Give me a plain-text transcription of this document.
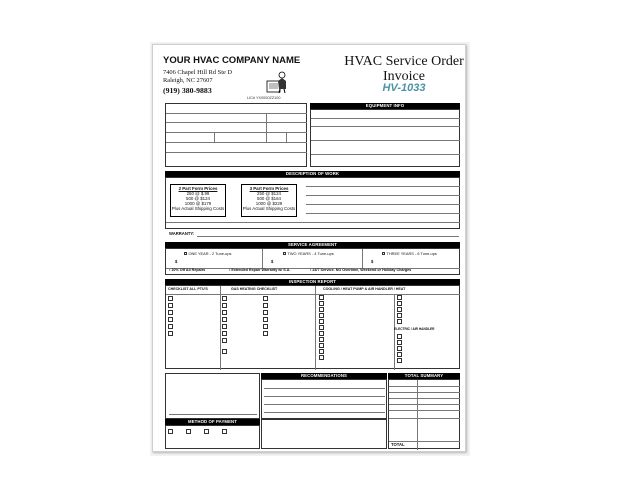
YOUR HVAC COMPANY NAME
7406 Chapel Hill Rd Ste D
Raleigh, NC 27607
(919) 380-9883
LIC# YX0000ZZ100
HVAC Service Order
Invoice
HV-1033
EQUIPMENT INFO
DESCRIPTION OF WORK
2 Part Form Prices
250 @ $.99
500 @ $124
1000 @ $179
Plus Actual Shipping Costs
3 Part Form Prices
250 @ $124
500 @ $164
1000 @ $229
Plus Actual Shipping Costs
WARRANTY:
SERVICE AGREEMENT
ONE YEAR - 2 Tune-ups	TWO YEARS - 4 Tune-ups	THREE YEARS - 6 Tune-ups
$	$	$
• 10% Off All Repairs	• Extended Repair Warranty w/ S.A.	• 24/7 Service. NO Overtime, Weekend or Holiday Charges
INSPECTION REPORT
CHECKLIST ALL PTU'S	GAS HEATING CHECKLIST	COOLING / HEAT PUMP & AIR HANDLER / HEAT
ELECTRIC / AIR HANDLER
RECOMMENDATIONS	TOTAL SUMMARY
TOTAL
METHOD OF PAYMENT
